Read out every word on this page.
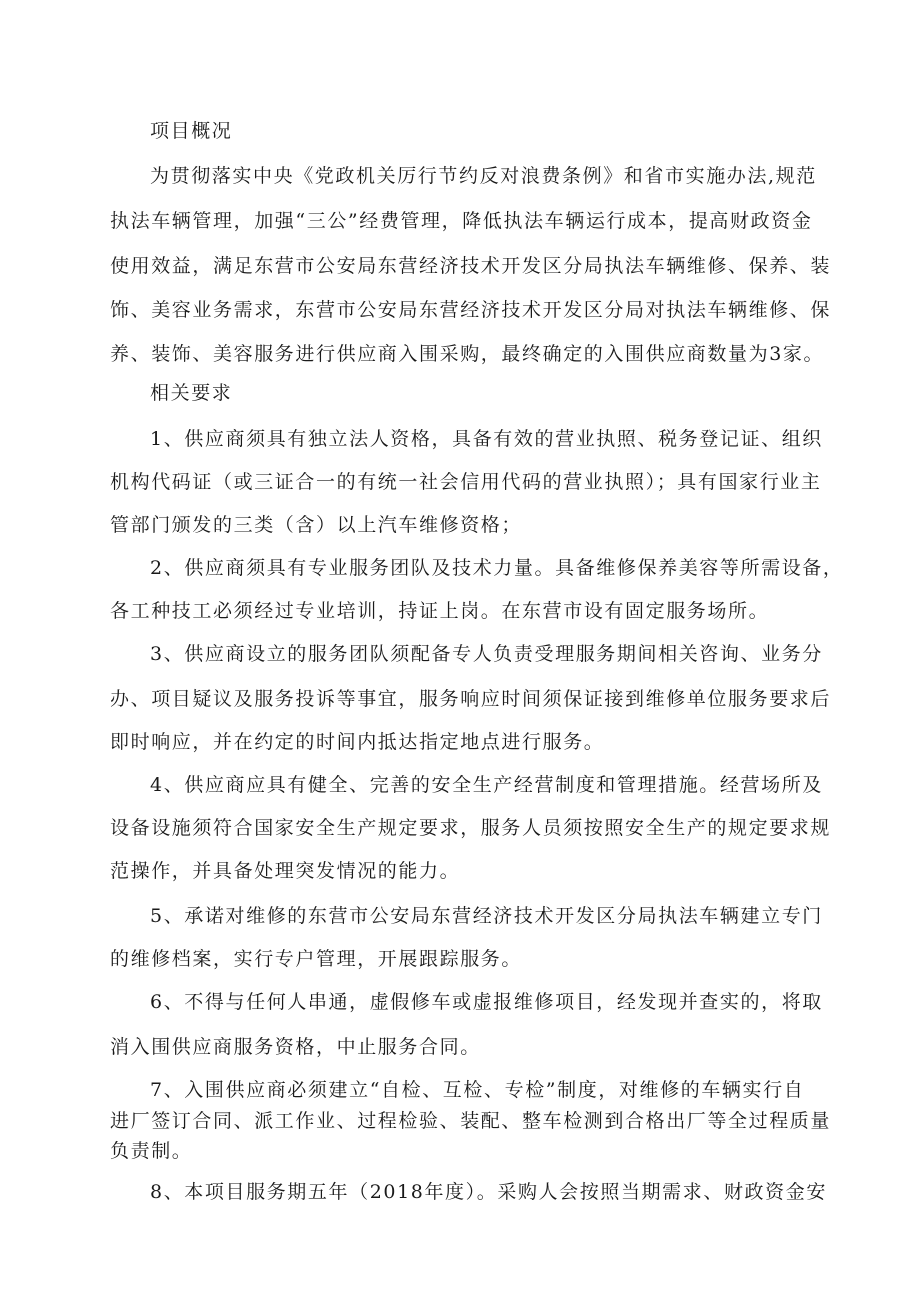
项目概况
为贯彻落实中央《党政机关厉行节约反对浪费条例》和省市实施办法,规范
执法车辆管理，加强“三公”经费管理，降低执法车辆运行成本，提高财政资金
使用效益，满足东营市公安局东营经济技术开发区分局执法车辆维修、保养、装
饰、美容业务需求，东营市公安局东营经济技术开发区分局对执法车辆维修、保
养、装饰、美容服务进行供应商入围采购，最终确定的入围供应商数量为3家。
相关要求
1、供应商须具有独立法人资格，具备有效的营业执照、税务登记证、组织
机构代码证（或三证合一的有统一社会信用代码的营业执照）；具有国家行业主
管部门颁发的三类（含）以上汽车维修资格；
2、供应商须具有专业服务团队及技术力量。具备维修保养美容等所需设备，
各工种技工必须经过专业培训，持证上岗。在东营市设有固定服务场所。
3、供应商设立的服务团队须配备专人负责受理服务期间相关咨询、业务分
办、项目疑议及服务投诉等事宜，服务响应时间须保证接到维修单位服务要求后
即时响应，并在约定的时间内抵达指定地点进行服务。
4、供应商应具有健全、完善的安全生产经营制度和管理措施。经营场所及
设备设施须符合国家安全生产规定要求，服务人员须按照安全生产的规定要求规
范操作，并具备处理突发情况的能力。
5、承诺对维修的东营市公安局东营经济技术开发区分局执法车辆建立专门
的维修档案，实行专户管理，开展跟踪服务。
6、不得与任何人串通，虚假修车或虚报维修项目，经发现并查实的，将取
消入围供应商服务资格，中止服务合同。
7、入围供应商必须建立“自检、互检、专检”制度，对维修的车辆实行自
进厂签订合同、派工作业、过程检验、装配、整车检测到合格出厂等全过程质量
负责制。
8、本项目服务期五年（2018年度）。采购人会按照当期需求、财政资金安
